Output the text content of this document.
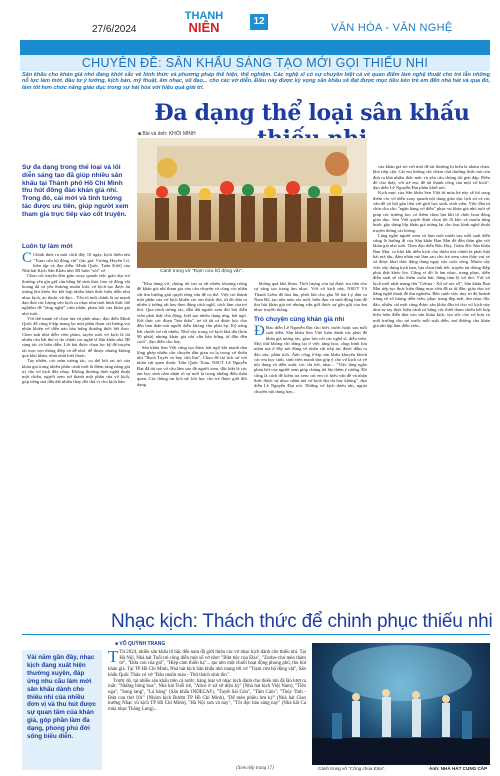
27/6/2024
THANH
NIÊN	12
VĂN HÓA - VĂN NGHỆ
CHUYÊN ĐỀ: SÂN KHẤU SÁNG TẠO MỚI GỌI THIẾU NHI
Sân khấu cho khán giả nhỏ đang khởi sắc về hình thức và phương pháp thể hiện, thể nghiệm. Các nghệ sĩ có sự chuyên biệt cả về quan điểm làm nghệ thuật cho trẻ lẫn những nỗ lực làm mới, đầu tư ý tưởng, kịch bản, mỹ thuật, âm nhạc, vũ đạo... cho các vở diễn. Điều này được kỳ vọng sân khấu sẽ đạt được mục tiêu kéo trẻ em đến nhà hát và qua đó, làm tốt hơn chức năng giáo dục trong sự hài hòa với hiệu quả giải trí.
Đa dạng thể loại sân khấu
■ Bài và ảnh: KHỞI MINH
Cảnh trong vở "Rạm cứu hộ động vật".
Sự đa dạng trong thể loại và lối diễn sáng tạo đã giúp nhiều sân khấu tại Thành phố Hồ Chí Minh thu hút đông đảo khán giả nhí. Trong đó, cải mới và tinh tướng tác được ưu tiên, giúp người xem tham gia trực tiếp vào cốt truyện.
Luôn tự làm mới

C Chính thức ra mắt cách đây 10 ngày, kịch thiếu nhi "Trạm cứu hộ động vật" (tác giả: Vương Huyền Cơ, biên tập và đạo diễn: Minh Quốc, Tuấn Kiệt) của Nhà hát Kịch Sân Khấu nhỏ 5B luôn "sốt" vé.

Chen cốt truyện đơn giản xoay quanh việc giáo dục trẻ thương yêu gìn giữ cẩn bằng hệ sinh thái, bảo vệ động vật hoang dã và yêu thương muôn loài, vở kịch tạo được ấn tượng khi khéo léo kết hợp nhiều hình thức biểu diễn như nhạc kịch, ảo thuật, vũ đạo... Yếu tố mới chính là sự mạnh dạn đưa các lượng vào kịch ca nhạc như một hình thức thể nghiệm để "tăng nghệ" cảm nhận, phản hồi của khán giả nhỏ tuổi.

Với thế mạnh về chọn lựa và phối nhạc, đạo diễn Minh Quốc đã cùng ê-kíp mang lại một phần đoạn cải lương vui nhộn khiến vở diễn nào hào hứng thưởng thức hết theo. Chen ảnh như diễn viên phim, tuyên suốt vở kịch là tất nhiều câu hát thú vị do chính các nghệ sĩ Sân khấu nhỏ 5B sáng tác và biểu diễn. Lời bài được chọn lọc kỹ để truyền tải trọn vẹn thông điệp và dễ nhớ, dễ thuộc nhưng không quá khó khăn, nhất nhất biết thuộc.

Tuy nhiên, các màn tương tác, cụ thể bối rai trò của khán giả trong nhiều phân cảnh mới là điểm sáng nâng giá trị cho vở kịch đầy nhạy. Không thương thức nghệ thuật một chiều, người xem trở thành một phần của vở kịch, góp tiếng nói dẫn dắt nhiều thay đổi thú vị cho kịch bản.

"Khu dung vở, chúng tôi tao ra rất nhiều khoảng trống để khán giả nhí tham gia vào câu chuyện và cùng các nhân vật tìm hướng giải quyết từng vấn đề cụ thể. Việc trò thành một phần của vở kịch khiến các em thích thú, từ đó đưa ra nhiều ý tưởng rất hay theo đúng cách nghĩ, cách làm của trẻ thơ. Qua trình tương tác, dẫn dắt người xem đòi hỏi diễn viên phải thật chủ động, biết tạo nhiều dụng ứng, bất ngờ. Kết thúc các đoạn "hóa thân", trẻ từ tất cả được hóc cho đến bản thân mà người diễn không cần phải ép. Kỹ năng bắt chước trẻ rất nhiều. Nhờ vậy trong vở kịch khá dài (hơn 90 phút) nhưng khán giả nhí vẫn hào hứng từ đầu đến cuối", đạo diễn cho hay.

Sân khấu Sen Việt cũng tạo được bất ngờ khi mạnh dạn lồng ghép nhiều câu chuyện dân gian xa lạ trong vở thiếu nhi "Bạch Tuyết và bảy chú lùn". Chọn để tài lịch sử với nhân vật quen thuộc Trần Quốc Toản, NSUT Lê Nguyễn Đạt đã tài tạo vở câu lâm sao để người xem, đặc biệt là các em học sinh cảm nhận rõ sự mới lạ trong những điều thân quen. Các thông tin lịch sử, bối học cho trẻ được giới đời dạng.

không quá khô khan. Thời lượng còn lại được tru tiên cho sự sáng tạo trong âm nhạc. Với vở kịch này, NSUT Vô Thanh Liêm đã hòa âm, phối khí cho gần 50 bài Lý dân ca Nam Bộ, tạo nên màu sắc mới, biên đạo và sinh động hơn để thu hút khán giả trẻ nhưng vẫn giữ được sự gần gũi của âm nhạc truyền thống.

Trò chuyện cùng khán giả nhí

Đ Đạo diễn Lê Nguyễn Đạt cho biết, trước hoặc sau mỗi suất diễn, Sân khấu Sen Việt luôn dành vài phút để khán giả tương tác, giao lưu với các nghệ sĩ, diễn viên. Mọi thứ không chỉ dừng lại ở việc tặng hoa, chụp hình lưu niệm mà ở đây nói đúng về nhân vật tiếp tục được dẫm ra đáo sâu, phân tích. Ảnh công ê-kíp sân khấu khuyến khích các em học sinh, sinh viên mạnh dạn góp ý cho vở kịch cả về nội dung và diễn xuất, các chi tiết, nhạc... "Việc lặng nghe phản hồi của người xem giúp chúng tôi lấy thêm ý tưởng. Đó cũng là cách để kiểm tra xem các em có hiểu vấn đề và nhận thức được sự nhọc nhằn mà vở kịch đạt tải hay không", đạo diễn Lê Nguyễn Đạt nói. Những vở kịch thiếu nhi, ngoài chuyện nội dung hay...

của khán giả trẻ với một để tài thường bị hiểu là nhàm chán, khó tiếp cận. Cái em không chỉ chăm chú thưởng thức mà còn đưa ra khá nhiều thắc mắc và yêu cầu chúng tôi giải đáp. Điều đó cho thấy, với trẻ em, để tài thành công của một vở kịch", đạo diễn Lê Nguyễn Đạt phân khởi nói.

Kịch mục của Sân khấu Sen Việt từ mùa hè này sẽ bổ sung thêm các vở diễn xoay quanh nội dung giáo dục lịch sử và các vấn đề xã hội gần liền với giới học sinh, sinh viên. Việc đầu tư chín chu cho "ngân hàng vở diễn" phục vụ khán giả nhỏ tuổi sẽ giúp các trường học có thêm chọn lựa khi tổ chức hoạt động giáo dục. Sen Việt quyết định chọn lối đi khó và muốn từng bước gây dựng lớp khán giả tương lai cho loại hình nghệ thuật truyền thống cải lương.

Lắng nghe người xem và làm mới mình sau mỗi suất diễn cũng là hướng đi của Sân khấu Ban Mai để đến thân gần với khán giả nhỏ tuổi. Theo đạo diễn Bảo Duy, Giám đốc Sân khấu Ban Mai, ca khó khi diễn kịch cho thiếu nhi chính là phải thật hài mà tậu, đảm nhân mà làm sao cho trẻ xem cảm thấy vui vẻ và được khai thác đúng dung ngay vào cuộc sống. Muốn vậy việc xây dựng kịch bản, lựa chọn tình tiết, truyền tải thông điệp phải thật khéo léo. Cũng vì đó là âm nhạc, trang phục, diễn điễn xuất sẽ cho thêm cuốn hút, đúng tâm lý trẻ thơ. Với vở kịch mới nhất mang tên "Cebna - Xứ sở rực rỡ", Sân khấu Ban Mai tiếp tục thực hiện đúng mục tiêu đã ra từ đầu: giáo dục trẻ bằng nghệ thuật để thu nghiệm. Bên cạnh việc duy trì đó hoành tráng về số lượng diễn viên, phục trang đẹp mắt, âm nhạc độc đáo, nhiều cải mới cùng được sân khấu đầu tư cho vở kịch này như sự tay thực hiện cảnh trí bằng các thiết tham chiếu kết hợp hiệu hiệu điễn đưa vào sân khấu kịch, tạo sức cho vở hơn và mới trường cho trẻ trước mỗi suất diễn, mở đường cho khán giả nhí tập làm diễn viên...

Nhạc kịch: Thách thức để chinh phục thiếu nhi
■ VÕ QUỲNH TRANG
Vài năm gần đây, nhạc kịch đang xuất hiện thường xuyên, đáp ứng nhu cầu làm mới sân khấu dành cho thiếu nhi của nhiều đơn vị và thu hút được sự quan tâm của khán giả, góp phần làm đa dạng, phong phú đời sống biểu diễn.

T Từ 2024, nhiều sân khấu tổ bắc đến nam đã giới thiệu các vở nhạc kịch dành cho thiếu nhi. Tại Hà Nội, Nhà hát Tuổi trẻ công diễn một số vở như: "Bữa tiệc của Elsa", "Zorba–chú mèo thâm tơ", "Đứa con của gió", "Hiệp cảm thiên hạ"... tạo nên một chuỗi hoạt động phong phú, thu hút khán giả. Tại TP Hồ Chí Minh, Nhà hát kịch Sân khấu nhỏ mang tới vở "Trạm cứu hộ động vật", Sân khấu Quốc Thảo có vở "Đảo muôn màu - Thử thách sinh tồn".

Trước đó, tại nhiều sân khấu trên cả nước, hàng loạt vở nhạc kịch dành cho thiếu nhi đã lần lượt ra mắt: "Những bông hoa", Nhà hát Tuổi trẻ, "Alice ở xứ sở diệu kỳ" (Nhà hát kịch Việt Nam), "Tiên nga", "Song lang", "Lá bàng" (Sân khấu INDECAF), "Tuyết Sài Gòn", "Tấm Cám", "Thúy Tinh - Đứa con thứ 101" (Nhóm kịch Bướm TP Hồ Chí Minh), "Dế mèn phiêu lưu ký" (Nhà hát Giao hưởng Nhạc vũ kịch TP Hồ Chí Minh), "Hà Nội xưa và nay", "Tôi đọc báo sáng nay" (Nhà hát Ca múa nhạc Thăng Long)...

(Xem tiếp trang 17)	Cảnh trong vở "Công chúa Elsa".	Ảnh: NHÀ HÁT CUNG CẤP
